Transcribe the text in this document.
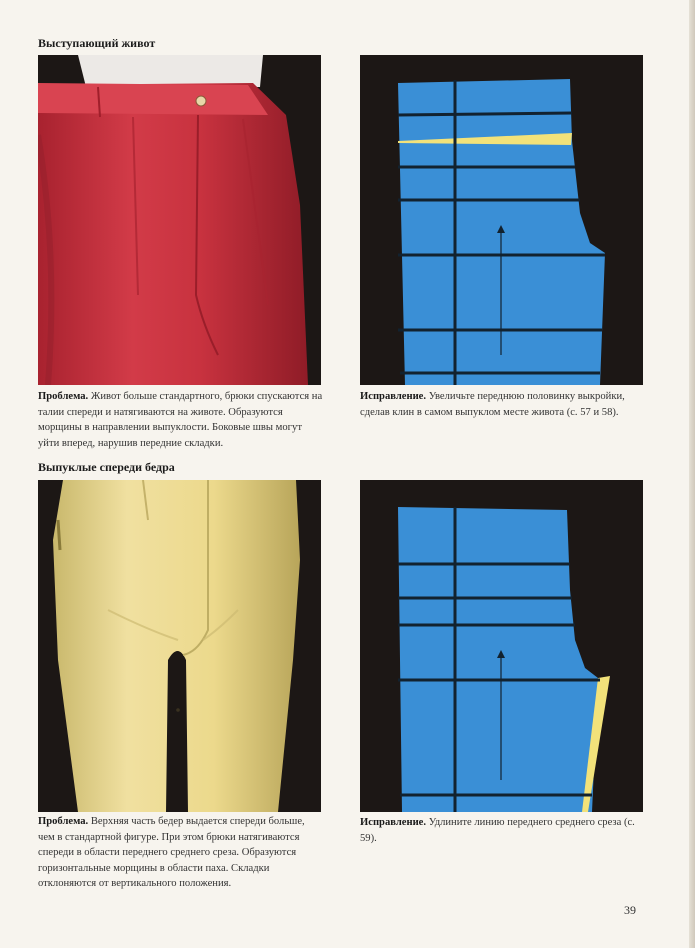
Выступающий живот
Проблема. Живот больше стандартного, брюки спускаются на талии спереди и натягиваются на животе. Образуются морщины в направлении выпуклости. Боковые швы могут уйти вперед, нарушив передние складки.
Исправление. Увеличьте переднюю половинку выкройки, сделав клин в самом выпуклом месте живота (с. 57 и 58).
Выпуклые спереди бедра
Проблема. Верхняя часть бедер выдается спереди больше, чем в стандартной фигуре. При этом брюки натягиваются спереди в области переднего среднего среза. Образуются горизонтальные морщины в области паха. Складки отклоняются от вертикального положения.
Исправление. Удлините линию переднего среднего среза (с. 59).
39
